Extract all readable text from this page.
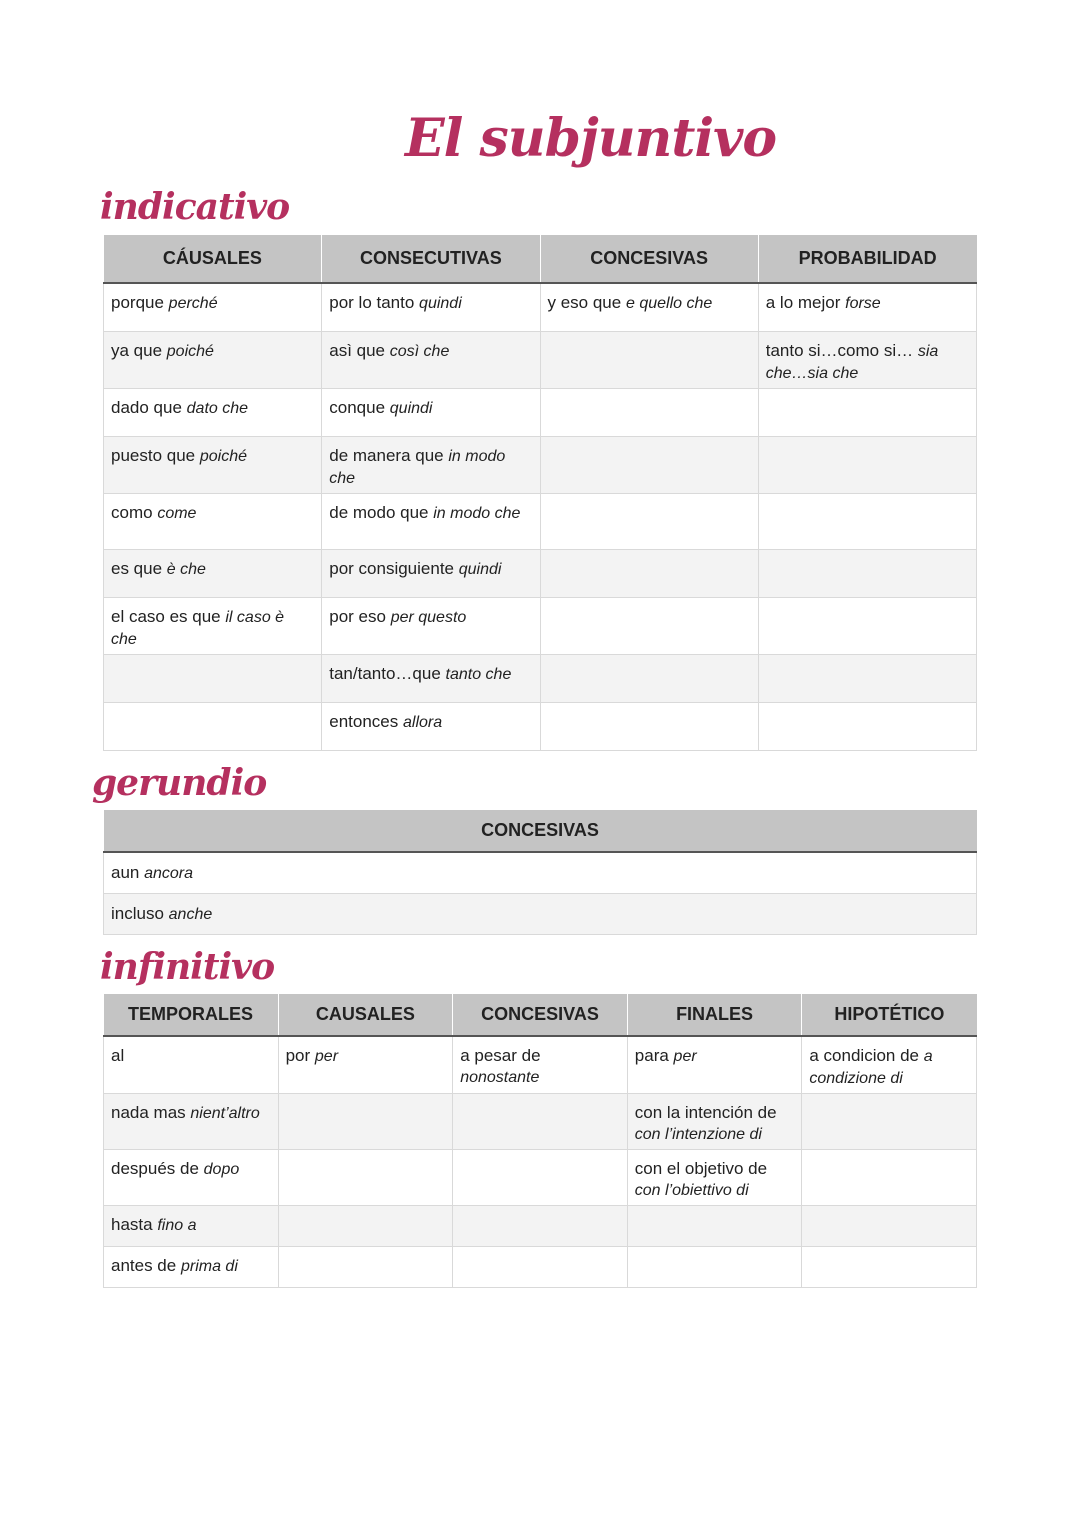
El subjuntivo
indicativo
CÁUSALES	CONSECUTIVAS	CONCESIVAS	PROBABILIDAD
porque perché	por lo tanto quindi	y eso que e quello che	a lo mejor forse
ya que poiché	asì que così che		tanto si…como si… sia che…sia che
dado que dato che	conque quindi		
puesto que poiché	de manera que in modo che		
como come	de modo que in modo che		
es que è che	por consiguiente quindi		
el caso es que il caso è che	por eso per questo		
	tan/tanto…que tanto che		
	entonces allora		
gerundio
CONCESIVAS
aun ancora
incluso anche
infinitivo
TEMPORALES	CAUSALES	CONCESIVAS	FINALES	HIPOTÉTICO
al	por per	a pesar de nonostante	para per	a condicion de a condizione di
nada mas nient’altro			con la intención de con l’intenzione di	
después de dopo			con el objetivo de con l’obiettivo di	
hasta fino a				
antes de prima di				
